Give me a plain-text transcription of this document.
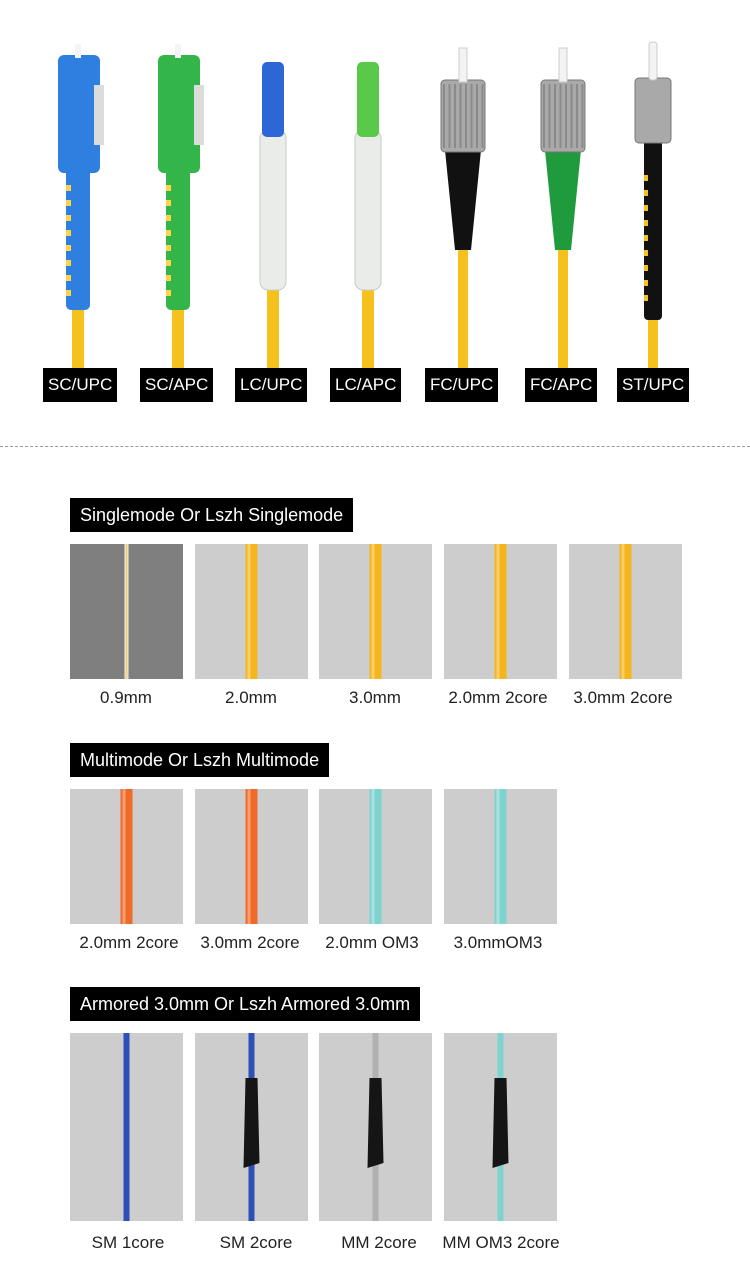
SC/UPC SC/APC LC/UPC LC/APC FC/UPC FC/APC ST/UPC
Singlemode Or Lszh Singlemode
0.9mm	2.0mm	3.0mm	2.0mm 2core	3.0mm 2core
Multimode Or Lszh Multimode
2.0mm 2core	3.0mm 2core	2.0mm OM3	3.0mmOM3
Armored 3.0mm Or Lszh Armored 3.0mm
SM 1core	SM 2core	MM 2core	MM OM3 2core
